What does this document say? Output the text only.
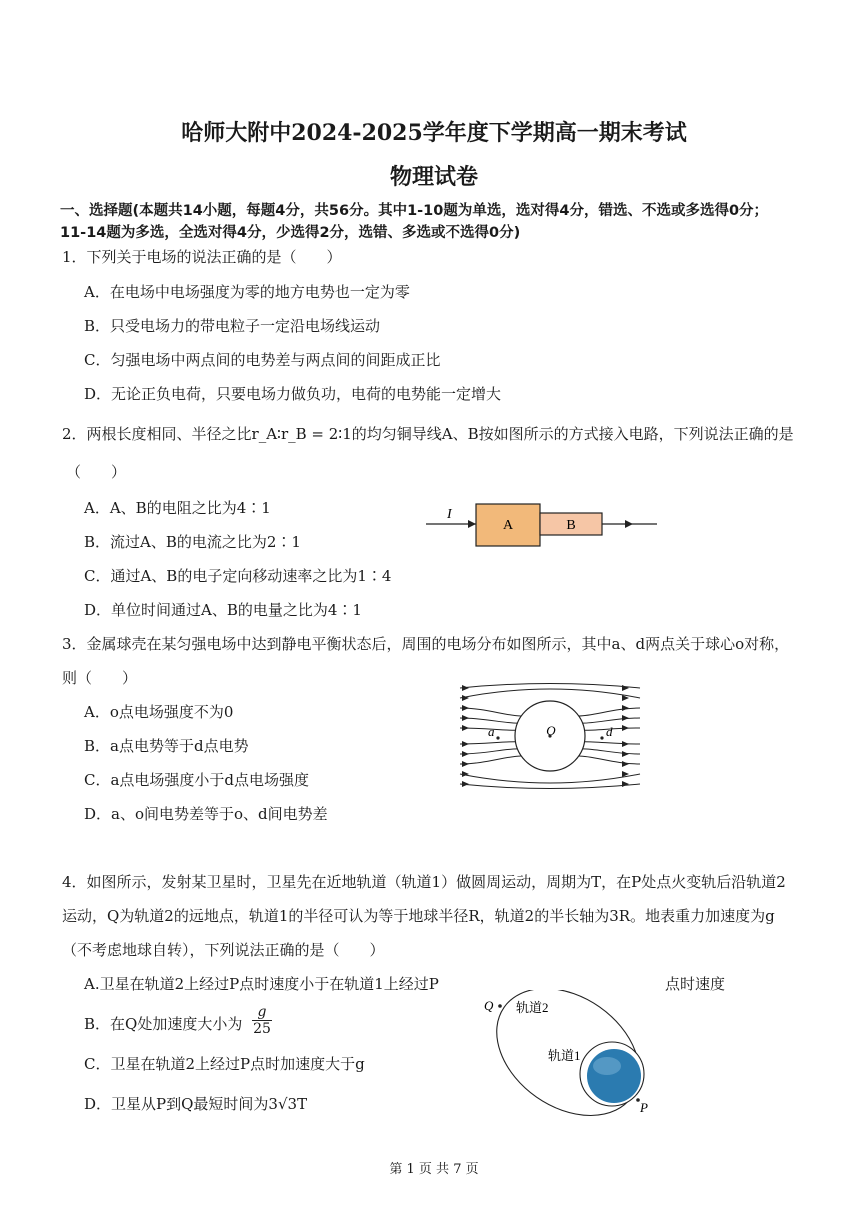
哈师大附中2024-2025学年度下学期高一期末考试
物理试卷
一、选择题(本题共14小题，每题4分，共56分。其中1-10题为单选，选对得4分，错选、不选或多选得0分；
11-14题为多选，全选对得4分，少选得2分，选错、多选或不选得0分)
1．下列关于电场的说法正确的是（　　）
A．在电场中电场强度为零的地方电势也一定为零
B．只受电场力的带电粒子一定沿电场线运动
C．匀强电场中两点间的电势差与两点间的间距成正比
D．无论正负电荷，只要电场力做负功，电荷的电势能一定增大
2．两根长度相同、半径之比r_A∶r_B = 2∶1的均匀铜导线A、B按如图所示的方式接入电路，下列说法正确的是
（　　）
A．A、B的电阻之比为4∶1
B．流过A、B的电流之比为2∶1
C．通过A、B的电子定向移动速率之比为1∶4
D．单位时间通过A、B的电量之比为4∶1
I
A	B
3．金属球壳在某匀强电场中达到静电平衡状态后，周围的电场分布如图所示，其中a、d两点关于球心o对称，
则（　　）
A．o点电场强度不为0
B．a点电势等于d点电势
C．a点电场强度小于d点电场强度
D．a、o间电势差等于o、d间电势差
O
a	d
4．如图所示，发射某卫星时，卫星先在近地轨道（轨道1）做圆周运动，周期为T，在P处点火变轨后沿轨道2
运动，Q为轨道2的远地点，轨道1的半径可认为等于地球半径R，轨道2的半长轴为3R。地表重力加速度为g
（不考虑地球自转），下列说法正确的是（　　）
A.卫星在轨道2上经过P点时速度小于在轨道1上经过P	点时速度
B．在Q处加速度大小为 $\frac{g}{25}$
C．卫星在轨道2上经过P点时加速度大于g
D．卫星从P到Q最短时间为3√3T
Q 轨道2
轨道1
P
第 1 页 共 7 页
